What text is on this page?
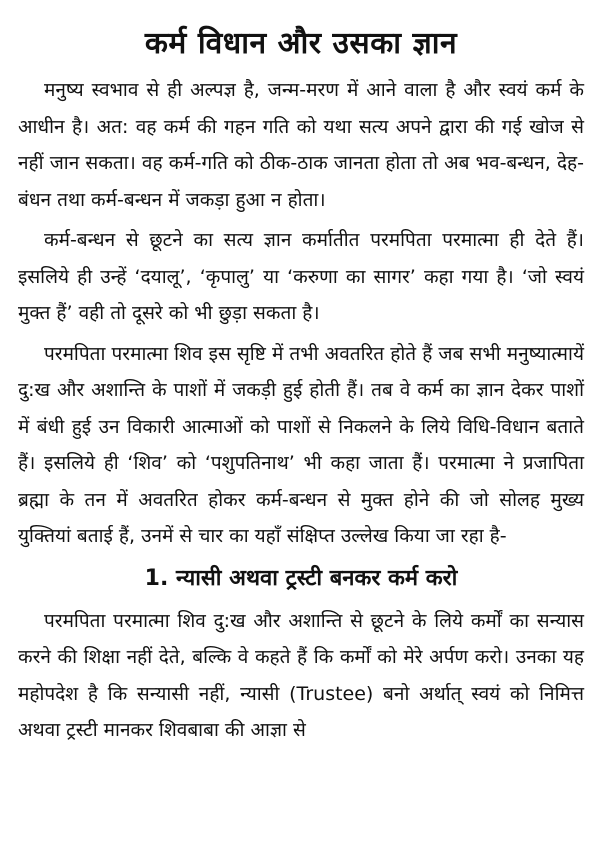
कर्म विधान और उसका ज्ञान

मनुष्य स्वभाव से ही अल्पज्ञ है, जन्म-मरण में आने वाला है और स्वयं कर्म के आधीन है। अत: वह कर्म की गहन गति को यथा सत्य अपने द्वारा की गई खोज से नहीं जान सकता। वह कर्म-गति को ठीक-ठाक जानता होता तो अब भव-बन्धन, देह-बंधन तथा कर्म-बन्धन में जकड़ा हुआ न होता।

कर्म-बन्धन से छूटने का सत्य ज्ञान कर्मातीत परमपिता परमात्मा ही देते हैं। इसलिये ही उन्हें ‘दयालू’, ‘कृपालु’ या ‘करुणा का सागर’ कहा गया है। ‘जो स्वयं मुक्त हैं’ वही तो दूसरे को भी छुड़ा सकता है।

परमपिता परमात्मा शिव इस सृष्टि में तभी अवतरित होते हैं जब सभी मनुष्यात्मायें दु:ख और अशान्ति के पाशों में जकड़ी हुई होती हैं। तब वे कर्म का ज्ञान देकर पाशों में बंधी हुई उन विकारी आत्माओं को पाशों से निकलने के लिये विधि-विधान बताते हैं। इसलिये ही ‘शिव’ को ‘पशुपतिनाथ’ भी कहा जाता हैं। परमात्मा ने प्रजापिता ब्रह्मा के तन में अवतरित होकर कर्म-बन्धन से मुक्त होने की जो सोलह मुख्य युक्तियां बताई हैं, उनमें से चार का यहाँ संक्षिप्त उल्लेख किया जा रहा है-

1. न्यासी अथवा ट्रस्टी बनकर कर्म करो

परमपिता परमात्मा शिव दु:ख और अशान्ति से छूटने के लिये कर्मों का सन्यास करने की शिक्षा नहीं देते, बल्कि वे कहते हैं कि कर्मों को मेरे अर्पण करो। उनका यह महोपदेश है कि सन्यासी नहीं, न्यासी (Trustee) बनो अर्थात् स्वयं को निमित्त अथवा ट्रस्टी मानकर शिवबाबा की आज्ञा से
